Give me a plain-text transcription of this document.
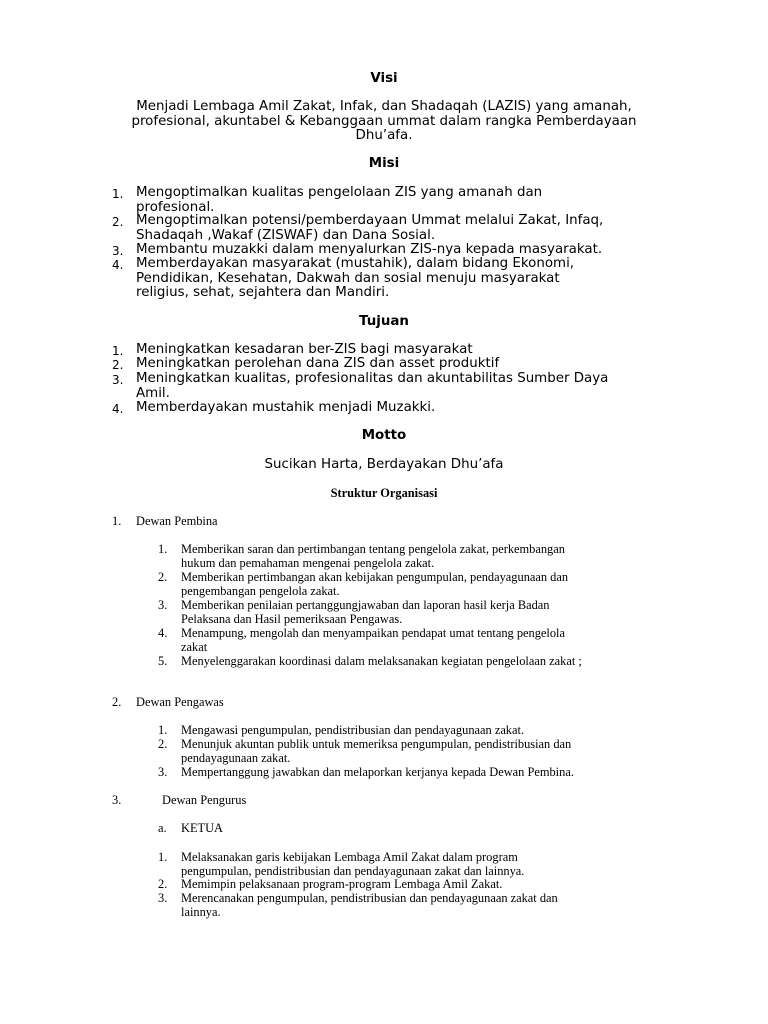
Visi
Menjadi Lembaga Amil Zakat, Infak, dan Shadaqah (LAZIS) yang amanah,
profesional, akuntabel & Kebanggaan ummat dalam rangka Pemberdayaan
Dhu’afa.
Misi
1. Mengoptimalkan kualitas pengelolaan ZIS yang amanah dan
profesional.
2. Mengoptimalkan potensi/pemberdayaan Ummat melalui Zakat, Infaq,
Shadaqah ,Wakaf (ZISWAF) dan Dana Sosial.
3. Membantu muzakki dalam menyalurkan ZIS-nya kepada masyarakat.
4. Memberdayakan masyarakat (mustahik), dalam bidang Ekonomi,
Pendidikan, Kesehatan, Dakwah dan sosial menuju masyarakat
religius, sehat, sejahtera dan Mandiri.
Tujuan
1. Meningkatkan kesadaran ber-ZIS bagi masyarakat
2. Meningkatkan perolehan dana ZIS dan asset produktif
3. Meningkatkan kualitas, profesionalitas dan akuntabilitas Sumber Daya
Amil.
4. Memberdayakan mustahik menjadi Muzakki.
Motto
Sucikan Harta, Berdayakan Dhu’afa
Struktur Organisasi
1. Dewan Pembina
1. Memberikan saran dan pertimbangan tentang pengelola zakat, perkembangan
hukum dan pemahaman mengenai pengelola zakat.
2. Memberikan pertimbangan akan kebijakan pengumpulan, pendayagunaan dan
pengembangan pengelola zakat.
3. Memberikan penilaian pertanggungjawaban dan laporan hasil kerja Badan
Pelaksana dan Hasil pemeriksaan Pengawas.
4. Menampung, mengolah dan menyampaikan pendapat umat tentang pengelola
zakat
5. Menyelenggarakan koordinasi dalam melaksanakan kegiatan pengelolaan zakat ;
2. Dewan Pengawas
1. Mengawasi pengumpulan, pendistribusian dan pendayagunaan zakat.
2. Menunjuk akuntan publik untuk memeriksa pengumpulan, pendistribusian dan
pendayagunaan zakat.
3. Mempertanggung jawabkan dan melaporkan kerjanya kepada Dewan Pembina.
3.	Dewan Pengurus
a. KETUA
1. Melaksanakan garis kebijakan Lembaga Amil Zakat dalam program
pengumpulan, pendistribusian dan pendayagunaan zakat dan lainnya.
2. Memimpin pelaksanaan program-program Lembaga Amil Zakat.
3. Merencanakan pengumpulan, pendistribusian dan pendayagunaan zakat dan
lainnya.
